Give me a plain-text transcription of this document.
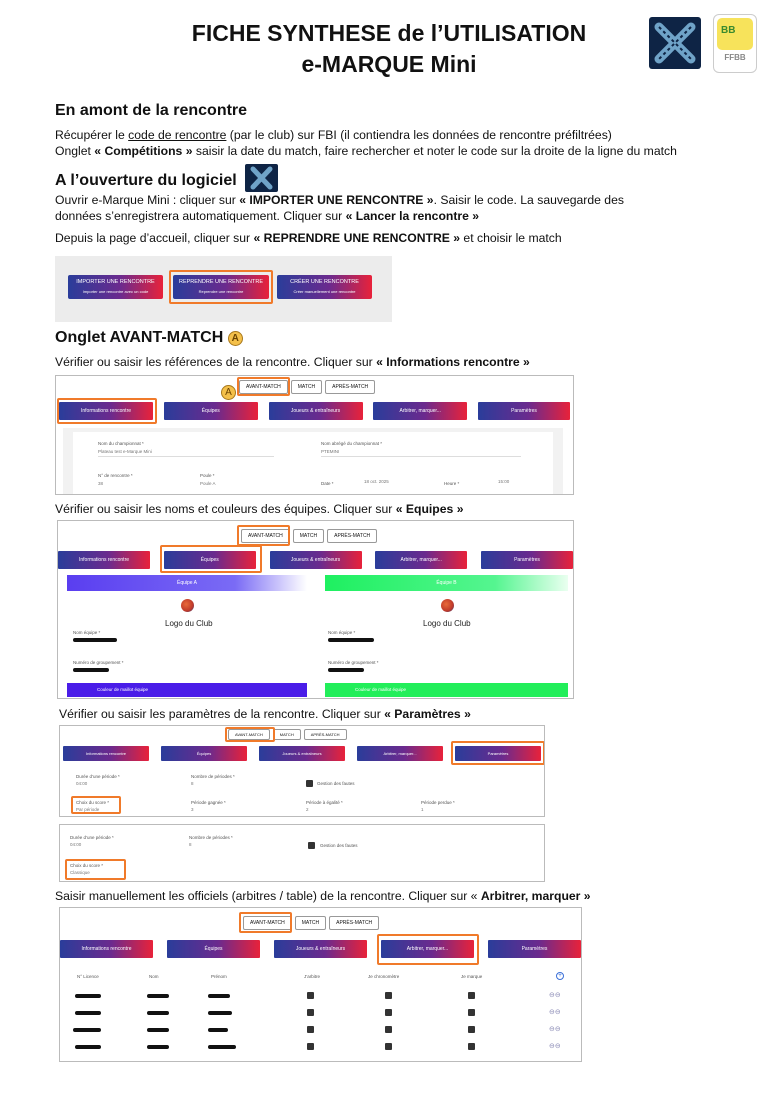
FICHE SYNTHESE de l’UTILISATION
e-MARQUE Mini
BB
FFBB
En amont de la rencontre
Récupérer le code de rencontre (par le club) sur FBI (il contiendra les données de rencontre préfiltrées)
Onglet « Compétitions » saisir la date du match, faire rechercher et noter le code sur la droite de la ligne du match
A l’ouverture du logiciel
Ouvrir e-Marque Mini : cliquer sur « IMPORTER UNE RENCONTRE ». Saisir le code. La sauvegarde des
données s’enregistrera automatiquement. Cliquer sur « Lancer la rencontre »
Depuis la page d’accueil, cliquer sur « REPRENDRE UNE RENCONTRE » et choisir le match
IMPORTER UNE RENCONTRE
Importer une rencontre avec un code
REPRENDRE UNE RENCONTRE
Reprendre une rencontre
CRÉER UNE RENCONTRE
Créer manuellement une rencontre
Onglet AVANT-MATCH A
Vérifier ou saisir les références de la rencontre. Cliquer sur « Informations rencontre »
A	AVANT-MATCH	MATCH	APRÈS-MATCH
Informations rencontre	Équipes	Joueurs & entraîneurs	Arbitrer, marquer...	Paramètres
Nom du championnat *
Plateau test e-Marque Mini
Nom abrégé du championnat *
PTEMINI
N° de rencontre *
38
Poule *
Poule A	Date *	18 oct. 2025	Heure *	15:00
Vérifier ou saisir les noms et couleurs des équipes. Cliquer sur « Equipes »
AVANT-MATCH	MATCH	APRÈS-MATCH
Informations rencontre	Équipes	Joueurs & entraîneurs	Arbitrer, marquer...	Paramètres
Équipe A	Équipe B
Logo du Club	Logo du Club
Nom équipe *	Nom équipe *
Numéro de groupement *	Numéro de groupement *
Couleur de maillot équipe	Couleur de maillot équipe
Vérifier ou saisir les paramètres de la rencontre. Cliquer sur « Paramètres »
AVANT-MATCH	MATCH	APRÈS-MATCH
Informations rencontre	Équipes	Joueurs & entraîneurs	Arbitrer, marquer...	Paramètres
Durée d’une période *
04:00
Nombre de périodes *
8	Gestion des fautes
Choix du score *
Par période
Période gagnée *
3
Période à égalité *
2
Période perdue *
1
Durée d’une période *
04:00
Nombre de périodes *
8	Gestion des fautes
Choix du score *
Classique
Saisir manuellement les officiels (arbitres / table) de la rencontre. Cliquer sur « Arbitrer, marquer »
AVANT-MATCH	MATCH	APRÈS-MATCH
Informations rencontre	Équipes	Joueurs & entraîneurs	Arbitrer, marquer...	Paramètres
N° Licence	Nom	Prénom	J’arbitre	Je chronomètre	Je marque	+
⊖⊖
⊖⊖
⊖⊖
⊖⊖
